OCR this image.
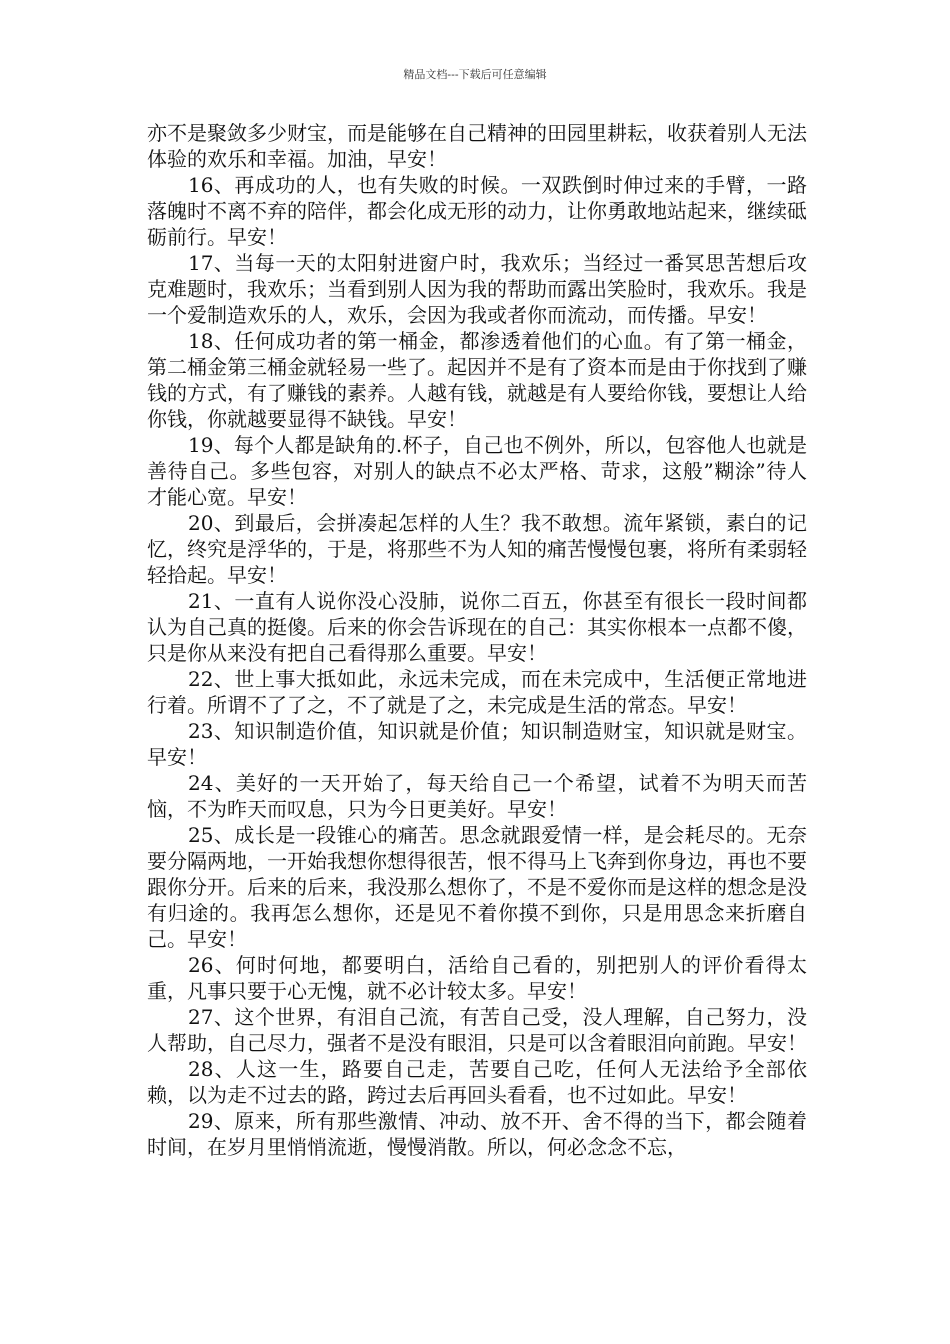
精品文档---下载后可任意编辑

亦不是聚敛多少财宝，而是能够在自己精神的田园里耕耘，收获着别人无法体验的欢乐和幸福。加油，早安！

16、再成功的人，也有失败的时候。一双跌倒时伸过来的手臂，一路落魄时不离不弃的陪伴，都会化成无形的动力，让你勇敢地站起来，继续砥砺前行。早安！

17、当每一天的太阳射进窗户时，我欢乐；当经过一番冥思苦想后攻克难题时，我欢乐；当看到别人因为我的帮助而露出笑脸时，我欢乐。我是一个爱制造欢乐的人，欢乐，会因为我或者你而流动，而传播。早安！

18、任何成功者的第一桶金，都渗透着他们的心血。有了第一桶金，第二桶金第三桶金就轻易一些了。起因并不是有了资本而是由于你找到了赚钱的方式，有了赚钱的素养。人越有钱，就越是有人要给你钱，要想让人给你钱，你就越要显得不缺钱。早安！

19、每个人都是缺角的.杯子，自己也不例外，所以，包容他人也就是善待自己。多些包容，对别人的缺点不必太严格、苛求，这般”糊涂”待人才能心宽。早安！

20、到最后，会拼凑起怎样的人生？我不敢想。流年紧锁，素白的记忆，终究是浮华的，于是，将那些不为人知的痛苦慢慢包裹，将所有柔弱轻轻拾起。早安！

21、一直有人说你没心没肺，说你二百五，你甚至有很长一段时间都认为自己真的挺傻。后来的你会告诉现在的自己：其实你根本一点都不傻，只是你从来没有把自己看得那么重要。早安！

22、世上事大抵如此，永远未完成，而在未完成中，生活便正常地进行着。所谓不了了之，不了就是了之，未完成是生活的常态。早安！

23、知识制造价值，知识就是价值；知识制造财宝，知识就是财宝。早安！

24、美好的一天开始了，每天给自己一个希望，试着不为明天而苦恼，不为昨天而叹息，只为今日更美好。早安！

25、成长是一段锥心的痛苦。思念就跟爱情一样，是会耗尽的。无奈要分隔两地，一开始我想你想得很苦，恨不得马上飞奔到你身边，再也不要跟你分开。后来的后来，我没那么想你了，不是不爱你而是这样的想念是没有归途的。我再怎么想你，还是见不着你摸不到你，只是用思念来折磨自己。早安！

26、何时何地，都要明白，活给自己看的，别把别人的评价看得太重，凡事只要于心无愧，就不必计较太多。早安！

27、这个世界，有泪自己流，有苦自己受，没人理解，自己努力，没人帮助，自己尽力，强者不是没有眼泪，只是可以含着眼泪向前跑。早安！

28、人这一生，路要自己走，苦要自己吃，任何人无法给予全部依赖，以为走不过去的路，跨过去后再回头看看，也不过如此。早安！

29、原来，所有那些激情、冲动、放不开、舍不得的当下，都会随着时间，在岁月里悄悄流逝，慢慢消散。所以，何必念念不忘，
